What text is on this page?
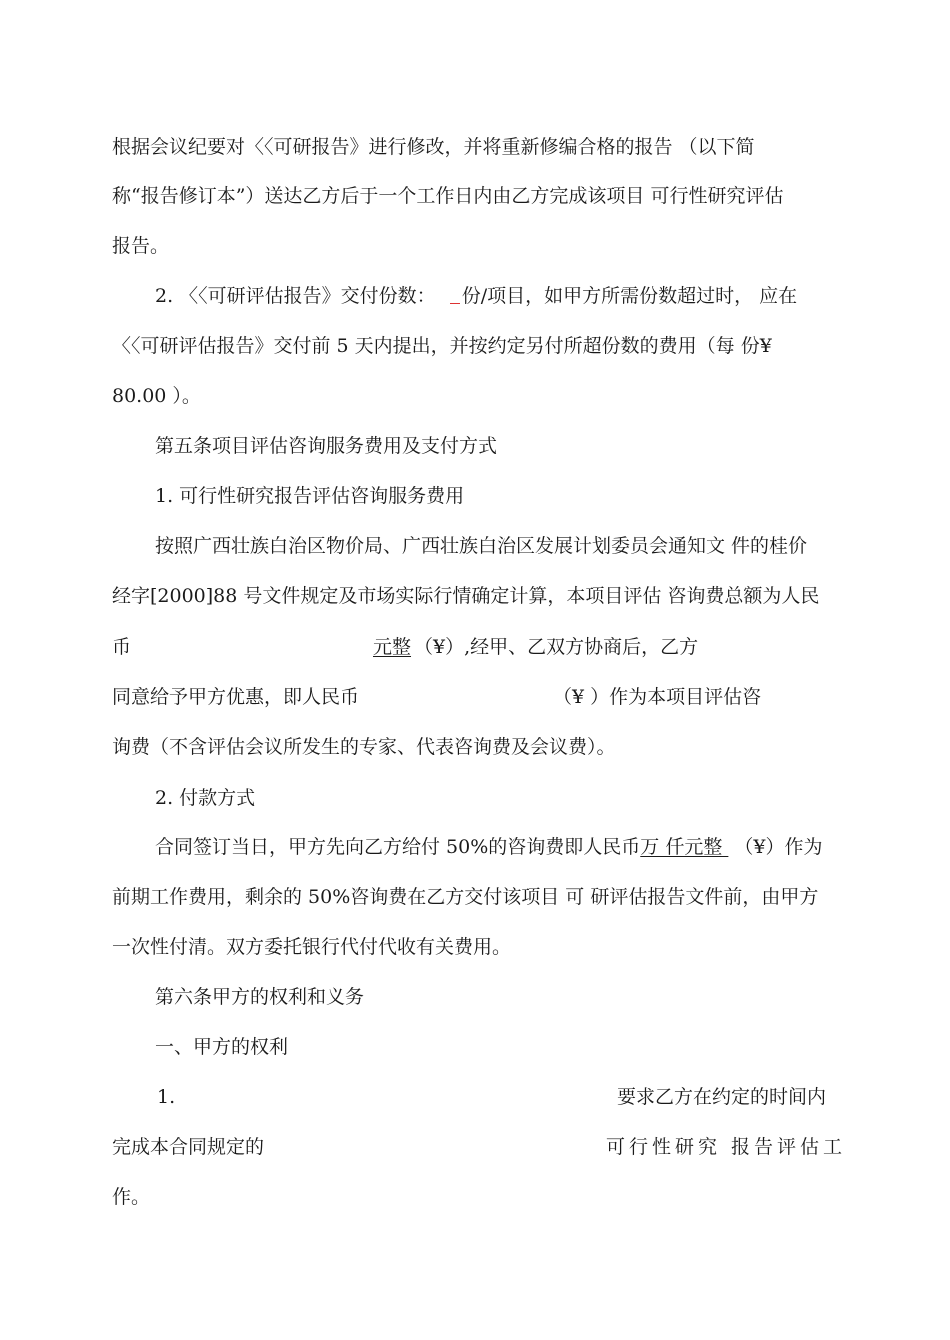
根据会议纪要对〈〈可研报告》进行修改，并将重新修编合格的报告 （以下简
称“报告修订本”）送达乙方后于一个工作日内由乙方完成该项目 可行性研究评估
报告。
2. 〈〈可研评估报告》交付份数： 份/项目，如甲方所需份数超过时， 应在
〈〈可研评估报告》交付前 5 天内提出，并按约定另付所超份数的费用（每 份¥
80.00 ）。
第五条项目评估咨询服务费用及支付方式
1. 可行性研究报告评估咨询服务费用
按照广西壮族白治区物价局、广西壮族白治区发展计划委员会通知文 件的桂价
经字[2000]88 号文件规定及市场实际行情确定计算，本项目评估 咨询费总额为人民
币	元整 （¥）,经甲、乙双方协商后，乙方
同意给予甲方优惠，即人民币	（¥ ）作为本项目评估咨
询费（不含评估会议所发生的专家、代表咨询费及会议费）。
2. 付款方式
合同签订当日，甲方先向乙方给付 50%的咨询费即人民币万 仟元整 （¥）作为
前期工作费用，剩余的 50%咨询费在乙方交付该项目 可 研评估报告文件前，由甲方
一次性付清。双方委托银行代付代收有关费用。
第六条甲方的权利和义务
一、甲方的权利
1.	要求乙方在约定的时间内
完成本合同规定的	可行性研究 报告评估工
作。
